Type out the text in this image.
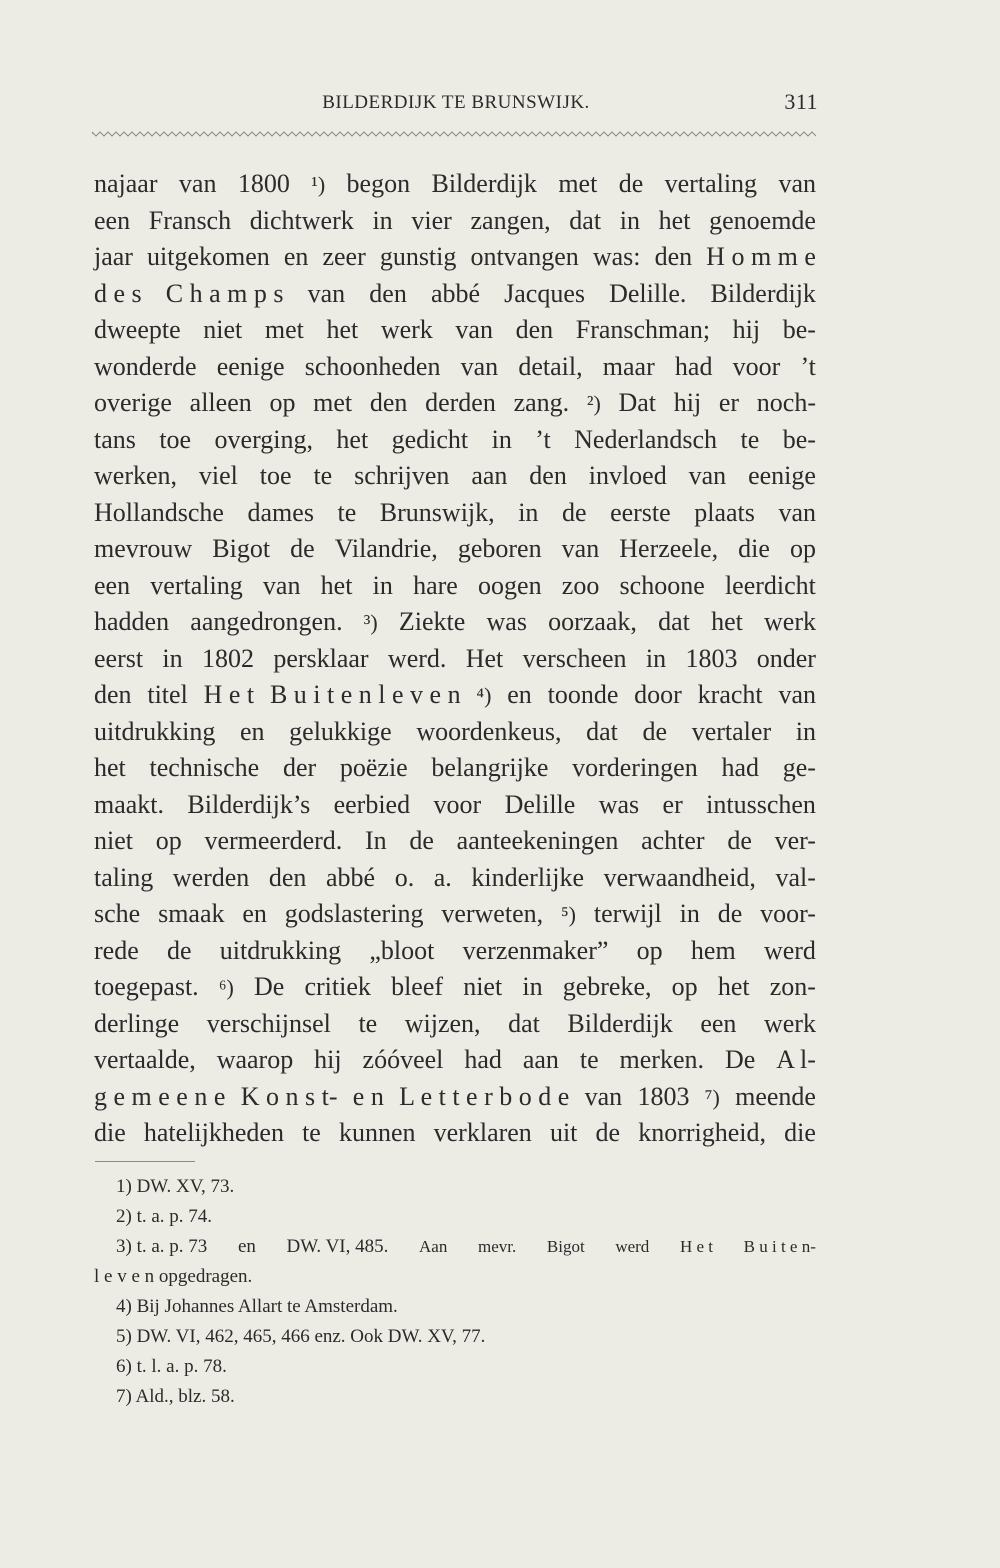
BILDERDIJK TE BRUNSWIJK.	311
najaar van 1800 ¹) begon Bilderdijk met de vertaling van
een Fransch dichtwerk in vier zangen, dat in het genoemde
jaar uitgekomen en zeer gunstig ontvangen was: den H o m m e
d e s C h a m p s van den abbé Jacques Delille. Bilderdijk
dweepte niet met het werk van den Franschman; hij be-
wonderde eenige schoonheden van detail, maar had voor ’t
overige alleen op met den derden zang. ²) Dat hij er noch-
tans toe overging, het gedicht in ’t Nederlandsch te be-
werken, viel toe te schrijven aan den invloed van eenige
Hollandsche dames te Brunswijk, in de eerste plaats van
mevrouw Bigot de Vilandrie, geboren van Herzeele, die op
een vertaling van het in hare oogen zoo schoone leerdicht
hadden aangedrongen. ³) Ziekte was oorzaak, dat het werk
eerst in 1802 persklaar werd. Het verscheen in 1803 onder
den titel H e t B u i t e n l e v e n ⁴) en toonde door kracht van
uitdrukking en gelukkige woordenkeus, dat de vertaler in
het technische der poëzie belangrijke vorderingen had ge-
maakt. Bilderdijk’s eerbied voor Delille was er intusschen
niet op vermeerderd. In de aanteekeningen achter de ver-
taling werden den abbé o. a. kinderlijke verwaandheid, val-
sche smaak en godslastering verweten, ⁵) terwijl in de voor-
rede de uitdrukking „bloot verzenmaker” op hem werd
toegepast. ⁶) De critiek bleef niet in gebreke, op het zon-
derlinge verschijnsel te wijzen, dat Bilderdijk een werk
vertaalde, waarop hij zóóveel had aan te merken. De A l-
g e m e e n e K o n s t- e n L e t t e r b o d e van 1803 ⁷) meende
die hatelijkheden te kunnen verklaren uit de knorrigheid, die
1) DW. XV, 73.
2) t. a. p. 74.
3) t. a. p. 73 en DW. VI, 485. Aan mevr. Bigot werd H e t B u i t e n-
l e v e n opgedragen.
4) Bij Johannes Allart te Amsterdam.
5) DW. VI, 462, 465, 466 enz. Ook DW. XV, 77.
6) t. l. a. p. 78.
7) Ald., blz. 58.
